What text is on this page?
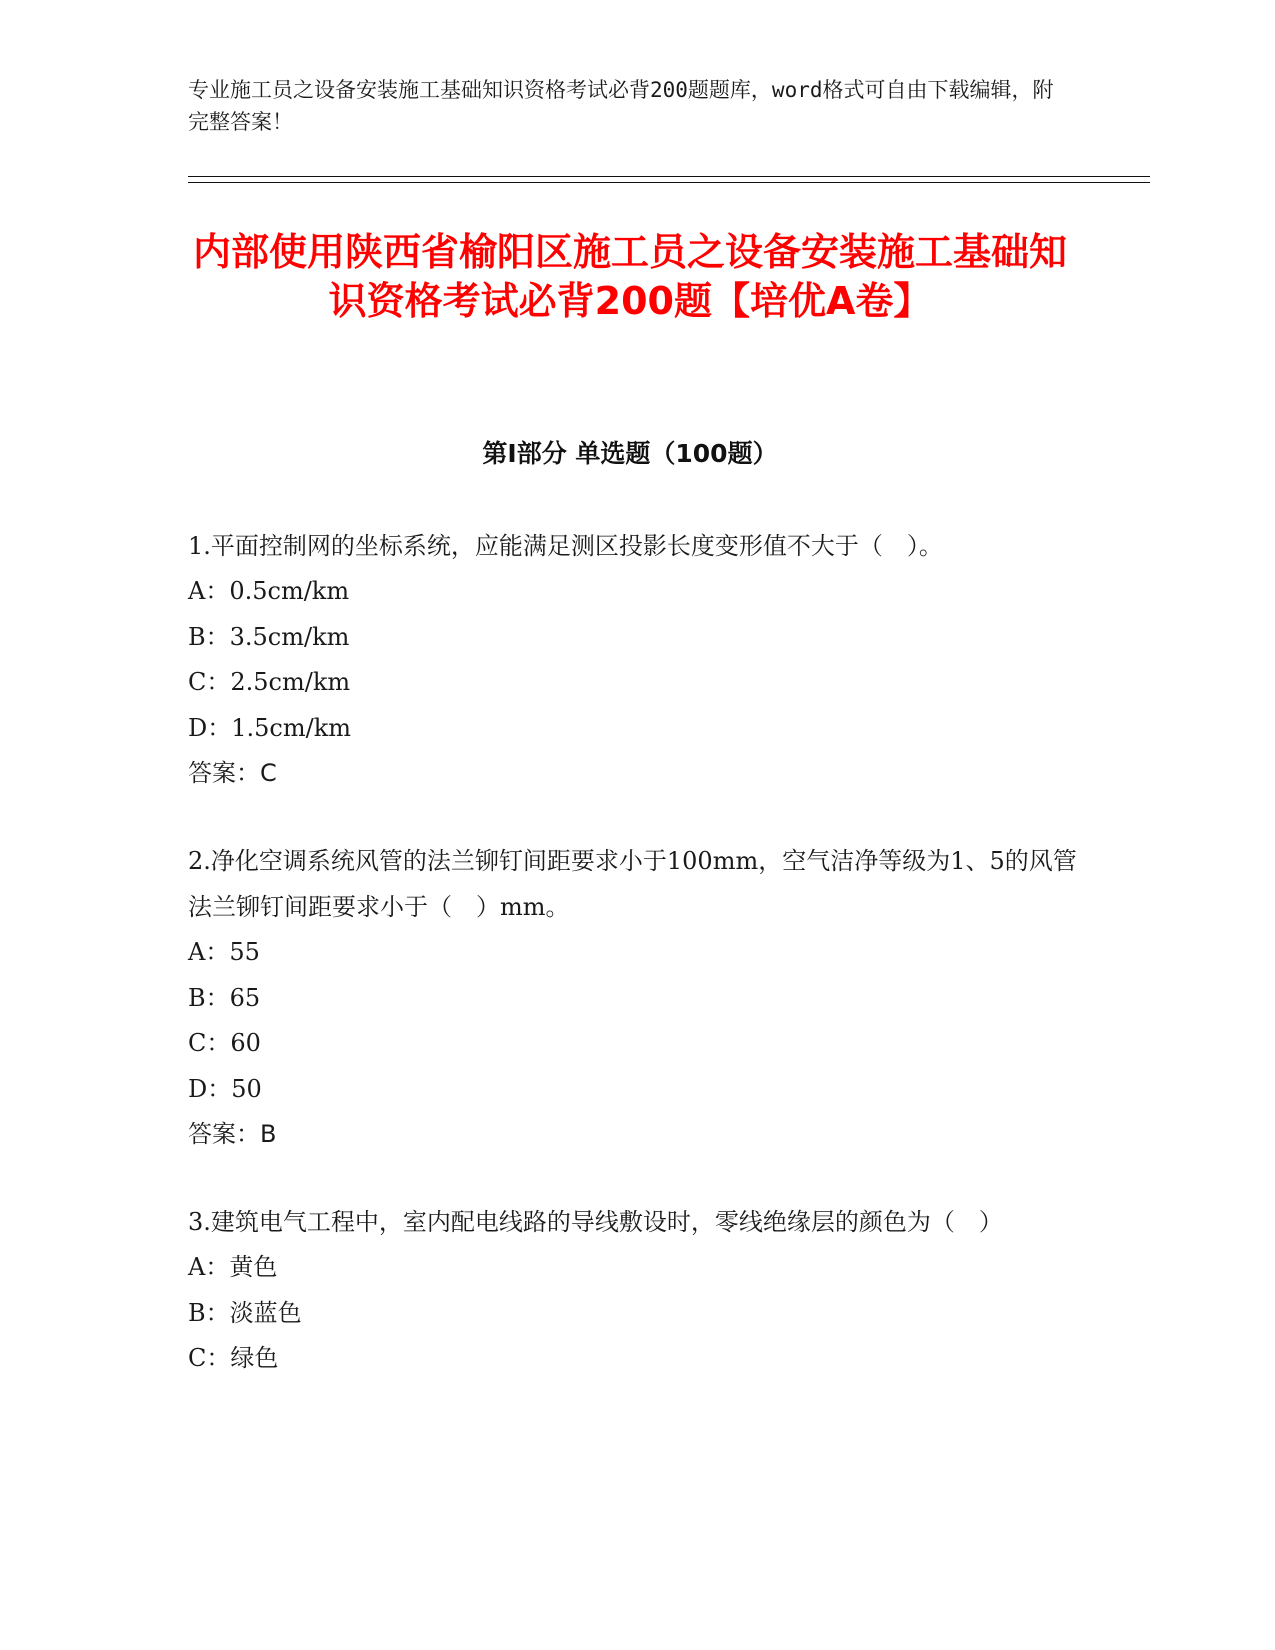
专业施工员之设备安装施工基础知识资格考试必背200题题库，word格式可自由下载编辑，附完整答案！
内部使用陕西省榆阳区施工员之设备安装施工基础知识资格考试必背200题【培优A卷】
第Ⅰ部分 单选题（100题）

1.平面控制网的坐标系统，应能满足测区投影长度变形值不大于（　）。

A：0.5cm/km

B：3.5cm/km

C：2.5cm/km

D：1.5cm/km

答案：C

2.净化空调系统风管的法兰铆钉间距要求小于100mm，空气洁净等级为1、5的风管法兰铆钉间距要求小于（　）mm。

A：55

B：65

C：60

D：50

答案：B

3.建筑电气工程中，室内配电线路的导线敷设时，零线绝缘层的颜色为（　）

A：黄色

B：淡蓝色

C：绿色
